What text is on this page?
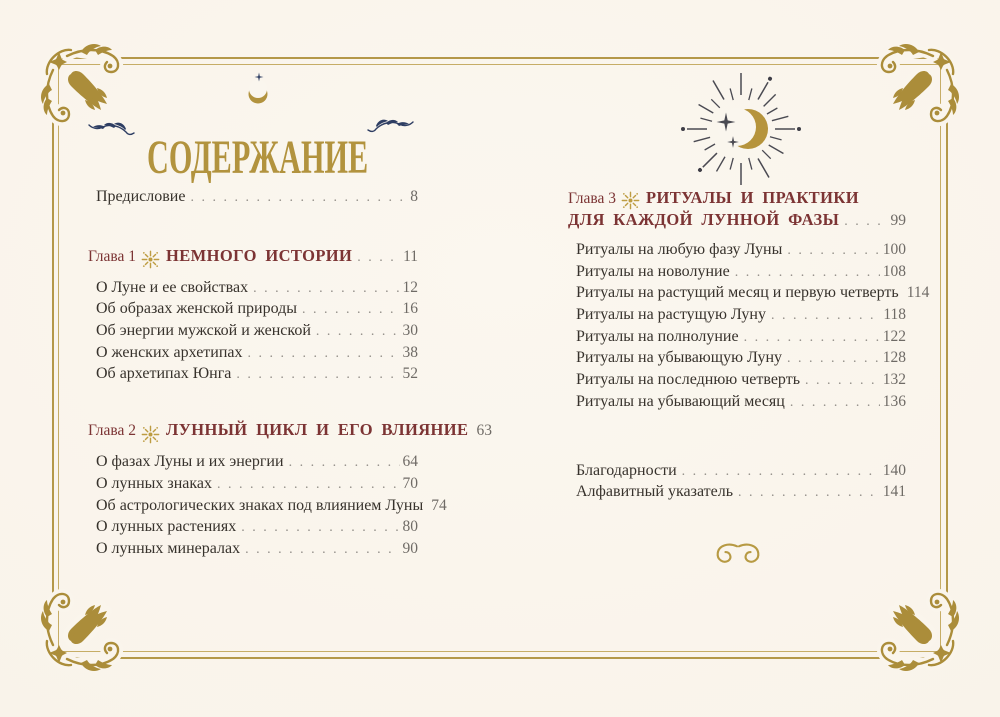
СОДЕРЖАНИЕ
Предисловие . . .	8
Глава 1 НЕМНОГО ИСТОРИИ . . .	11
О Луне и ее свойствах . . .	12
Об образах женской природы . . .	16
Об энергии мужской и женской . . .	30
О женских архетипах . . .	38
Об архетипах Юнга . . .	52
Глава 2 ЛУННЫЙ ЦИКЛ И ЕГО ВЛИЯНИЕ 63
О фазах Луны и их энергии . . .	64
О лунных знаках . . .	70
Об астрологических знаках под влиянием Луны 74
О лунных растениях . . .	80
О лунных минералах . . .	90
Глава 3 РИТУАЛЫ И ПРАКТИКИ
ДЛЯ КАЖДОЙ ЛУННОЙ ФАЗЫ . . .	99
Ритуалы на любую фазу Луны . . .	100
Ритуалы на новолуние . . .	108
Ритуалы на растущий месяц и первую четверть 114
Ритуалы на растущую Луну . . .	118
Ритуалы на полнолуние . . .	122
Ритуалы на убывающую Луну . . .	128
Ритуалы на последнюю четверть . . .	132
Ритуалы на убывающий месяц . . .	136
Благодарности . . .	140
Алфавитный указатель . . .	141
